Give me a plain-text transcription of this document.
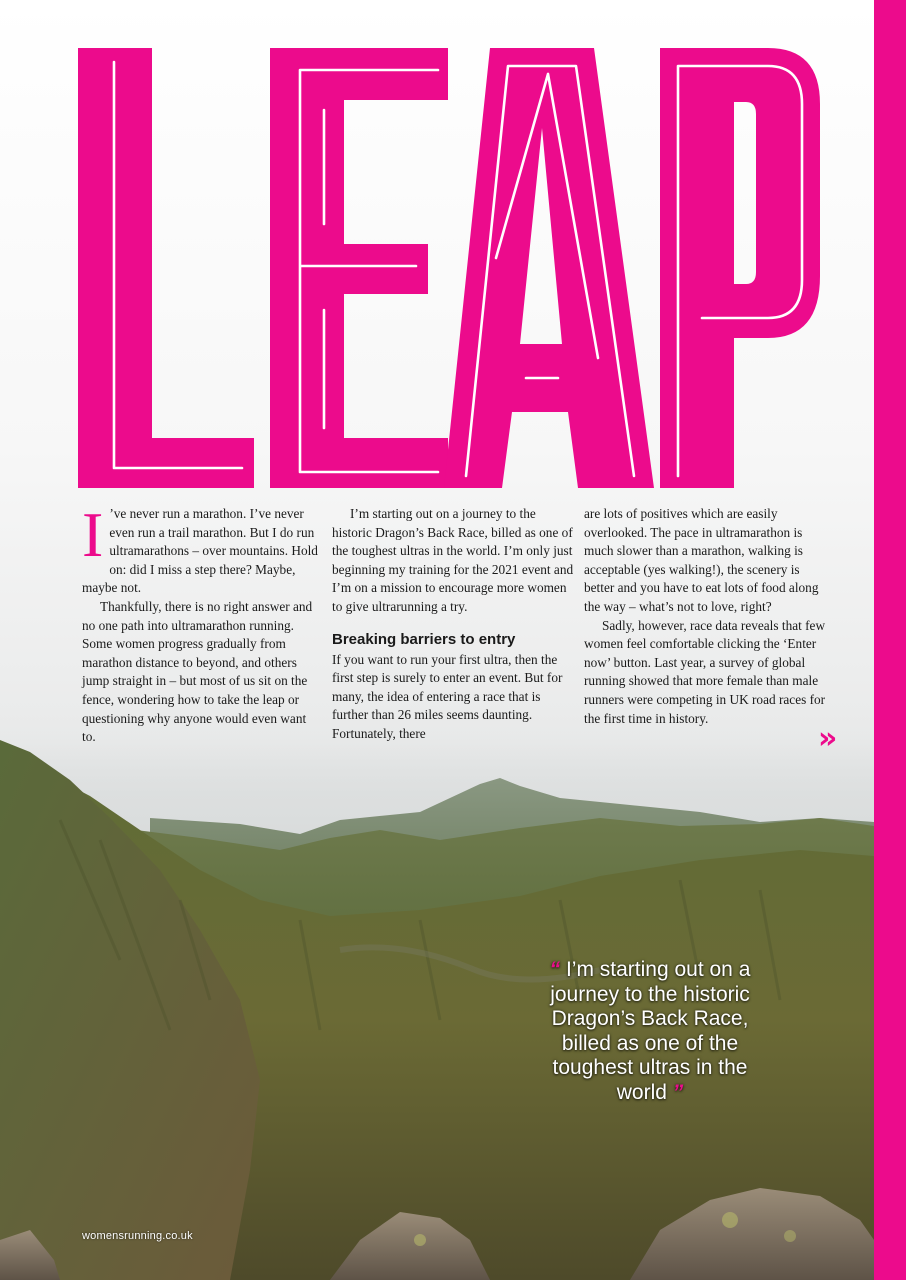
I ’ve never run a marathon. I’ve never even run a trail marathon. But I do run ultramarathons – over mountains. Hold on: did I miss a step there? Maybe, maybe not.

Thankfully, there is no right answer and no one path into ultramarathon running. Some women progress gradually from marathon distance to beyond, and others jump straight in – but most of us sit on the fence, wondering how to take the leap or questioning why anyone would even want to.

I’m starting out on a journey to the historic Dragon’s Back Race, billed as one of the toughest ultras in the world. I’m only just beginning my training for the 2021 event and I’m on a mission to encourage more women to give ultrarunning a try.

Breaking barriers to entry

If you want to run your first ultra, then the first step is surely to enter an event. But for many, the idea of entering a race that is further than 26 miles seems daunting. Fortunately, there

are lots of positives which are easily overlooked. The pace in ultramarathon is much slower than a marathon, walking is acceptable (yes walking!), the scenery is better and you have to eat lots of food along the way – what’s not to love, right?

Sadly, however, race data reveals that few women feel comfortable clicking the ‘Enter now’ button. Last year, a survey of global running showed that more female than male runners were competing in UK road races for the first time in history.

»
“ I’m starting out on a journey to the historic Dragon’s Back Race, billed as one of the toughest ultras in the world ”
womensrunning.co.uk
